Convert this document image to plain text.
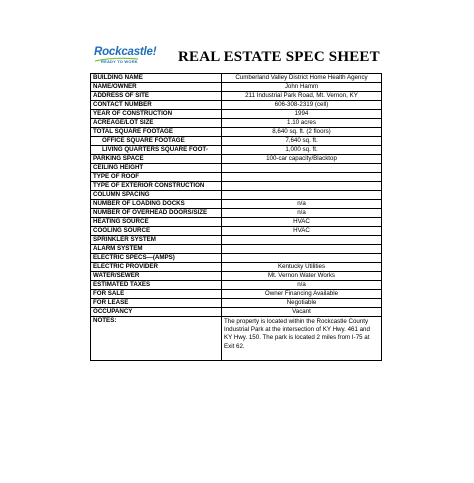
Rockcastle!
READY TO WORK	REAL ESTATE SPEC SHEET
BUILDING NAME	Cumberland Valley District Home Health Agency
NAME/OWNER	John Hamm
ADDRESS OF SITE	211 Industrial Park Road, Mt. Vernon, KY
CONTACT NUMBER	606-308-2319 (cell)
YEAR OF CONSTRUCTION	1994
ACREAGE/LOT SIZE	1.10 acres
TOTAL SQUARE FOOTAGE	8,640 sq. ft. (2 floors)
OFFICE SQUARE FOOTAGE	7,640 sq. ft.
LIVING QUARTERS SQUARE FOOT-	1,000 sq. ft.
PARKING SPACE	100-car capacity/Blacktop
CEILING HEIGHT	
TYPE OF ROOF	
TYPE OF EXTERIOR CONSTRUCTION	
COLUMN SPACING	
NUMBER OF LOADING DOCKS	n/a
NUMBER OF OVERHEAD DOORS/SIZE	n/a
HEATING SOURCE	HVAC
COOLING SOURCE	HVAC
SPRINKLER SYSTEM	
ALARM SYSTEM	
ELECTRIC SPECS—(AMPS)	
ELECTRIC PROVIDER	Kentucky Utilities
WATER/SEWER	Mt. Vernon Water Works
ESTIMATED TAXES	n/a
FOR SALE	Owner Financing Available
FOR LEASE	Negotiable
OCCUPANCY	Vacant
NOTES:	The property is located within the Rockcastle County Industrial Park at the intersection of KY Hwy. 461 and KY Hwy. 150. The park is located 2 miles from I-75 at Exit 62.
